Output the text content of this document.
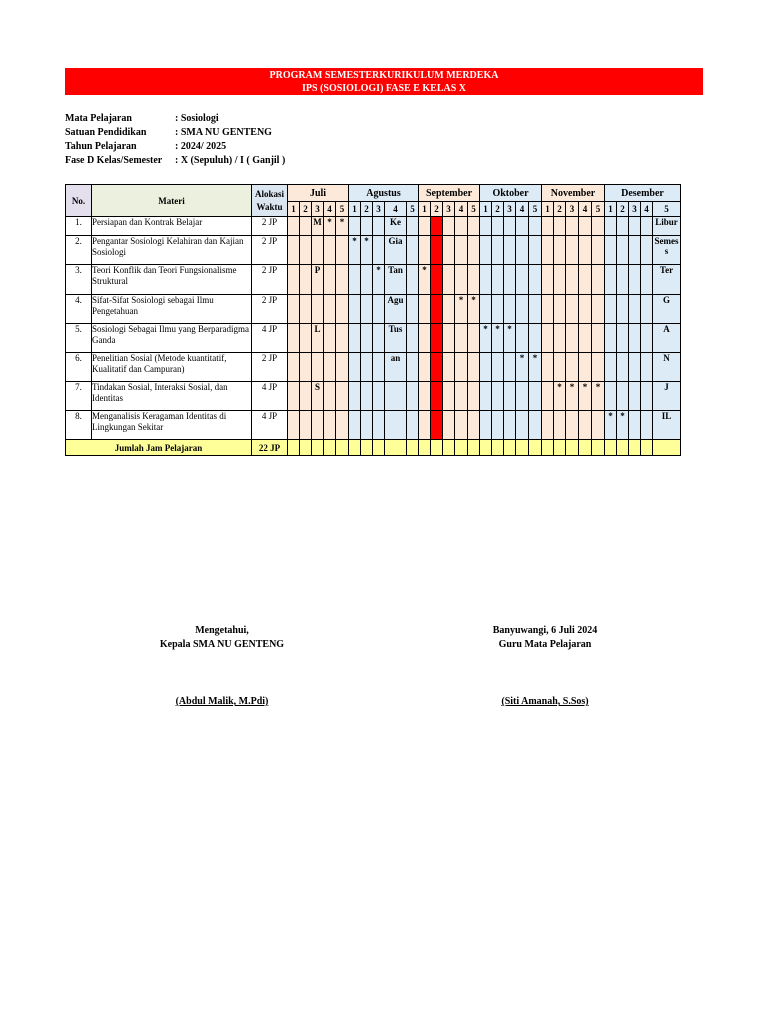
PROGRAM SEMESTERKURIKULUM MERDEKA
IPS (SOSIOLOGI) FASE E KELAS X
Mata Pelajaran	: Sosiologi
Satuan Pendidikan	: SMA NU GENTENG
Tahun Pelajaran	: 2024/ 2025
Fase D Kelas/Semester	: X (Sepuluh) / I ( Ganjil )
No.	Materi	Alokasi
Waktu	Juli					Agustus					September					Oktober					November					Desember				
			1	2	3	4	5	1	2	3	4	5	1	2	3	4	5	1	2	3	4	5	1	2	3	4	5	1	2	3	4	5
1.	Persiapan dan Kontrak Belajar	2 JP			M	*	*				Ke																					Libur
2.	Pengantar Sosiologi Kelahiran dan Kajian Sosiologi	2 JP						*	*		Gia																					Semes s
3.	Teori Konflik dan Teori Fungsionalisme Struktural	2 JP			P					*	Tan		*																			Ter
4.	Sifat-Sifat Sosiologi sebagai Ilmu Pengetahuan	2 JP									Agu					*	*															G
5.	Sosiologi Sebagai Ilmu yang Berparadigma Ganda	4 JP			L						Tus							*	*	*												A
6.	Penelitian Sosial (Metode kuantitatif, Kualitatif dan Campuran)	2 JP									an										*	*										N
7.	Tindakan Sosial, Interaksi Sosial, dan Identitas	4 JP			S																			*	*	*	*					J
8.	Menganalisis Keragaman Identitas di Lingkungan Sekitar	4 JP																										*	*			IL
Jumlah Jam Pelajaran		22 JP																														
Mengetahui,
Kepala SMA NU GENTENG
(Abdul Malik, M.Pdi)
Banyuwangi, 6 Juli 2024
Guru Mata Pelajaran
(Siti Amanah, S.Sos)
